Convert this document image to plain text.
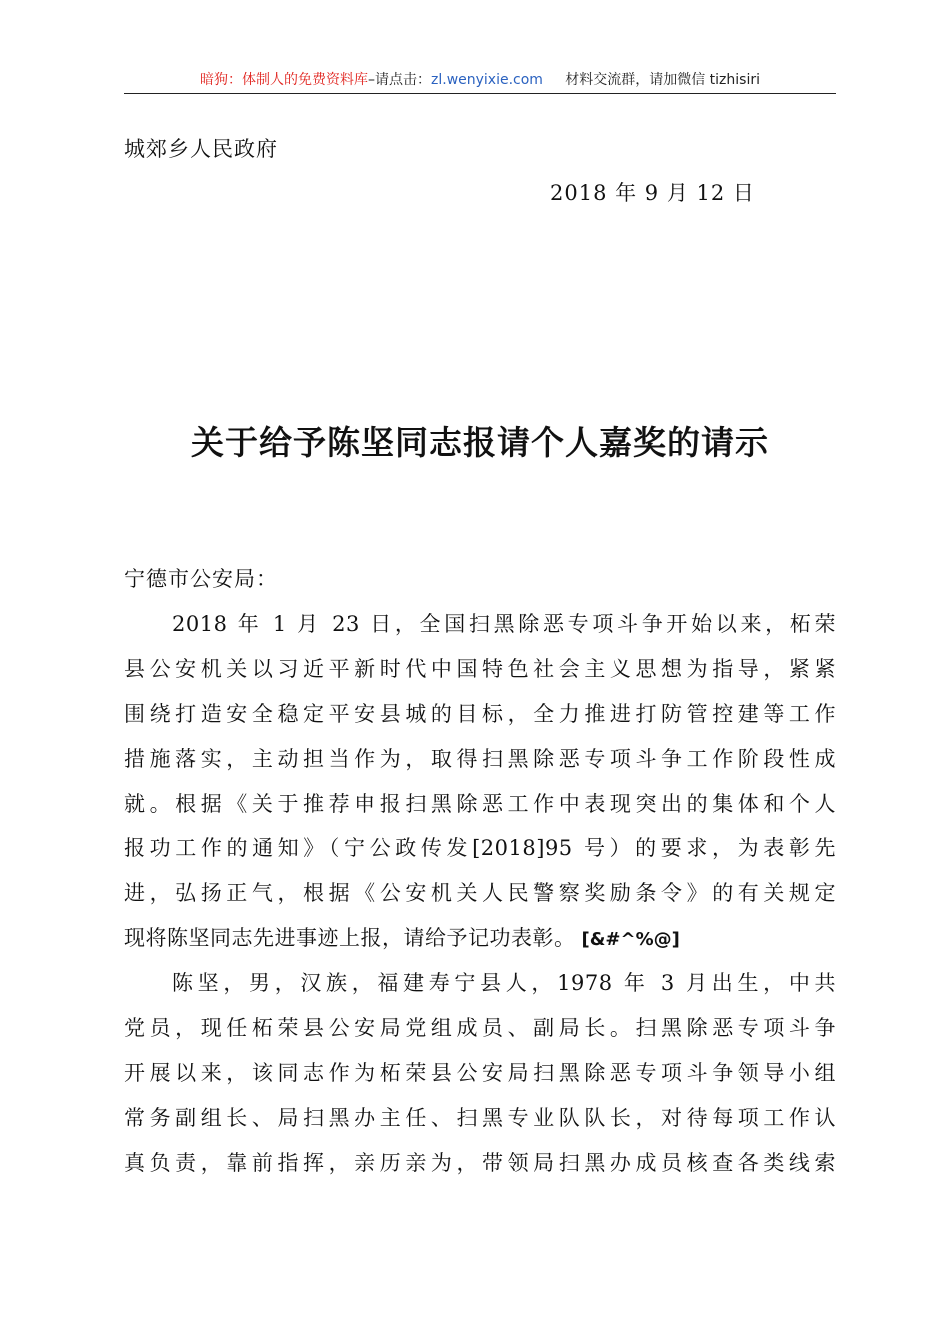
暗狗：体制人的免费资料库–请点击：zl.wenyixie.com 材料交流群，请加微信 tizhisiri
城郊乡人民政府
2018 年 9 月 12 日
关于给予陈坚同志报请个人嘉奖的请示
宁德市公安局：
2018 年 1 月 23 日，全国扫黑除恶专项斗争开始以来，柘荣
县公安机关以习近平新时代中国特色社会主义思想为指导，紧紧
围绕打造安全稳定平安县城的目标，全力推进打防管控建等工作
措施落实，主动担当作为，取得扫黑除恶专项斗争工作阶段性成
就。根据《关于推荐申报扫黑除恶工作中表现突出的集体和个人
报功工作的通知》（宁公政传发[2018]95 号）的要求，为表彰先
进，弘扬正气，根据《公安机关人民警察奖励条令》的有关规定
现将陈坚同志先进事迹上报，请给予记功表彰。 [&#^%@]
陈坚，男，汉族，福建寿宁县人，1978 年 3 月出生，中共
党员，现任柘荣县公安局党组成员、副局长。扫黑除恶专项斗争
开展以来，该同志作为柘荣县公安局扫黑除恶专项斗争领导小组
常务副组长、局扫黑办主任、扫黑专业队队长，对待每项工作认
真负责，靠前指挥，亲历亲为，带领局扫黑办成员核查各类线索
